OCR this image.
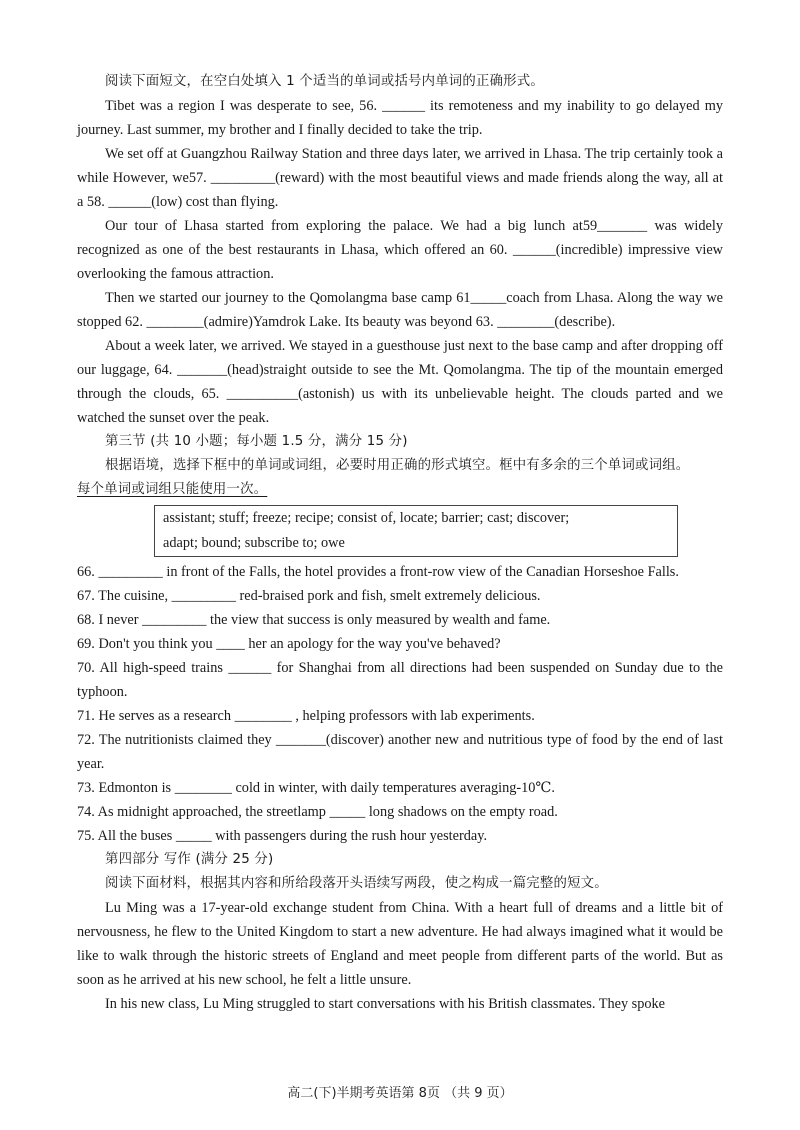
阅读下面短文，在空白处填入 1 个适当的单词或括号内单词的正确形式。

Tibet was a region I was desperate to see, 56. ______ its remoteness and my inability to go delayed my journey. Last summer, my brother and I finally decided to take the trip.

We set off at Guangzhou Railway Station and three days later, we arrived in Lhasa. The trip certainly took a while However, we57. _________(reward) with the most beautiful views and made friends along the way, all at a 58. ______(low) cost than flying.

Our tour of Lhasa started from exploring the palace. We had a big lunch at59_______ was widely recognized as one of the best restaurants in Lhasa, which offered an 60. ______(incredible) impressive view overlooking the famous attraction.

Then we started our journey to the Qomolangma base camp 61_____coach from Lhasa. Along the way we stopped 62. ________(admire)Yamdrok Lake. Its beauty was beyond 63. ________(describe).

About a week later, we arrived. We stayed in a guesthouse just next to the base camp and after dropping off our luggage, 64. _______(head)straight outside to see the Mt. Qomolangma. The tip of the mountain emerged through the clouds, 65. __________(astonish) us with its unbelievable height. The clouds parted and we watched the sunset over the peak.

第三节 (共 10 小题；每小题 1.5 分，满分 15 分)

根据语境，选择下框中的单词或词组，必要时用正确的形式填空。框中有多余的三个单词或词组。

每个单词或词组只能使用一次。

assistant; stuff; freeze; recipe; consist of, locate; barrier; cast; discover;
adapt; bound; subscribe to; owe

66. _________ in front of the Falls, the hotel provides a front-row view of the Canadian Horseshoe Falls.

67. The cuisine, _________ red-braised pork and fish, smelt extremely delicious.

68. I never _________ the view that success is only measured by wealth and fame.

69. Don't you think you ____ her an apology for the way you've behaved?

70. All high-speed trains ______ for Shanghai from all directions had been suspended on Sunday due to the typhoon.

71. He serves as a research ________ , helping professors with lab experiments.

72. The nutritionists claimed they _______(discover) another new and nutritious type of food by the end of last year.

73. Edmonton is ________ cold in winter, with daily temperatures averaging-10℃.

74. As midnight approached, the streetlamp _____ long shadows on the empty road.

75. All the buses _____ with passengers during the rush hour yesterday.

第四部分 写作 (满分 25 分)

阅读下面材料，根据其内容和所给段落开头语续写两段，使之构成一篇完整的短文。

Lu Ming was a 17-year-old exchange student from China. With a heart full of dreams and a little bit of nervousness, he flew to the United Kingdom to start a new adventure. He had always imagined what it would be like to walk through the historic streets of England and meet people from different parts of the world. But as soon as he arrived at his new school, he felt a little unsure.

In his new class, Lu Ming struggled to start conversations with his British classmates. They spoke

高二(下)半期考英语第 8页 （共 9 页）
